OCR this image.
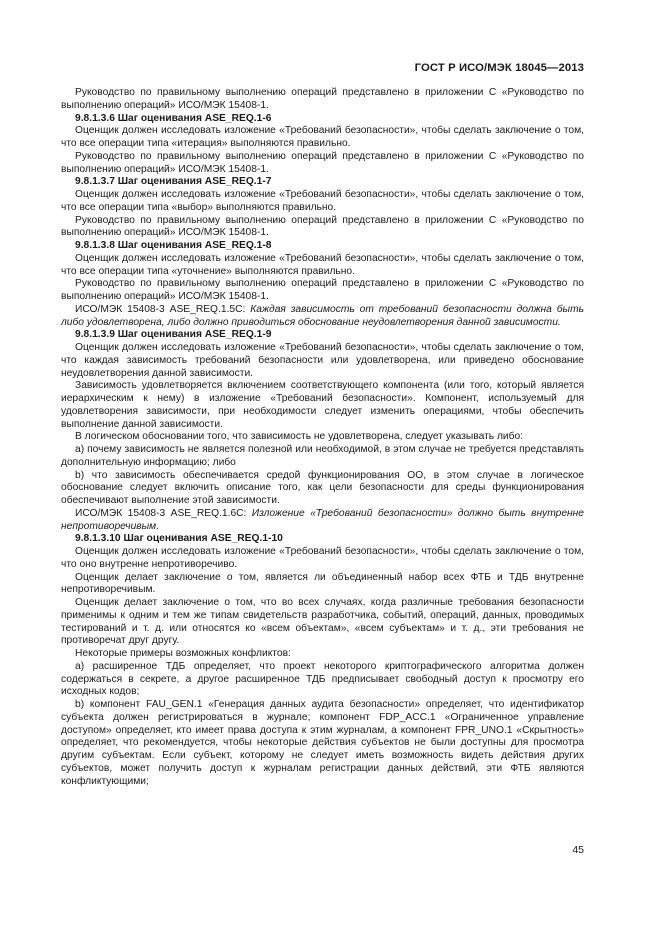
ГОСТ Р ИСО/МЭК 18045—2013

Руководство по правильному выполнению операций представлено в приложении С «Руководство по выполнению операций» ИСО/МЭК 15408-1.

9.8.1.3.6 Шаг оценивания ASE_REQ.1-6

Оценщик должен исследовать изложение «Требований безопасности», чтобы сделать заключение о том, что все операции типа «итерация» выполняются правильно.

Руководство по правильному выполнению операций представлено в приложении С «Руководство по выполнению операций» ИСО/МЭК 15408-1.

9.8.1.3.7 Шаг оценивания ASE_REQ.1-7

Оценщик должен исследовать изложение «Требований безопасности», чтобы сделать заключение о том, что все операции типа «выбор» выполняются правильно.

Руководство по правильному выполнению операций представлено в приложении С «Руководство по выполнению операций» ИСО/МЭК 15408-1.

9.8.1.3.8 Шаг оценивания ASE_REQ.1-8

Оценщик должен исследовать изложение «Требований безопасности», чтобы сделать заключение о том, что все операции типа «уточнение» выполняются правильно.

Руководство по правильному выполнению операций представлено в приложении С «Руководство по выполнению операций» ИСО/МЭК 15408-1.

ИСО/МЭК 15408-3 ASE_REQ.1.5C: Каждая зависимость от требований безопасности должна быть либо удовлетворена, либо должно приводиться обоснование неудовлетворения данной зависимости.

9.8.1.3.9 Шаг оценивания ASE_REQ.1-9

Оценщик должен исследовать изложение «Требований безопасности», чтобы сделать заключение о том, что каждая зависимость требований безопасности или удовлетворена, или приведено обоснование неудовлетворения данной зависимости.

Зависимость удовлетворяется включением соответствующего компонента (или того, который является иерархическим к нему) в изложение «Требований безопасности». Компонент, используемый для удовлетворения зависимости, при необходимости следует изменить операциями, чтобы обеспечить выполнение данной зависимости.

В логическом обосновании того, что зависимость не удовлетворена, следует указывать либо:

а) почему зависимость не является полезной или необходимой, в этом случае не требуется представлять дополнительную информацию; либо

b) что зависимость обеспечивается средой функционирования ОО, в этом случае в логическое обоснование следует включить описание того, как цели безопасности для среды функционирования обеспечивают выполнение этой зависимости.

ИСО/МЭК 15408-3 ASE_REQ.1.6C: Изложение «Требований безопасности» должно быть внутренне непротиворечивым.

9.8.1.3.10 Шаг оценивания ASE_REQ.1-10

Оценщик должен исследовать изложение «Требований безопасности», чтобы сделать заключение о том, что оно внутренне непротиворечиво.

Оценщик делает заключение о том, является ли объединенный набор всех ФТБ и ТДБ внутренне непротиворечивым.

Оценщик делает заключение о том, что во всех случаях, когда различные требования безопасности применимы к одним и тем же типам свидетельств разработчика, событий, операций, данных, проводимых тестирований и т. д. или относятся ко «всем объектам», «всем субъектам» и т. д., эти требования не противоречат друг другу.

Некоторые примеры возможных конфликтов:

а) расширенное ТДБ определяет, что проект некоторого криптографического алгоритма должен содержаться в секрете, а другое расширенное ТДБ предписывает свободный доступ к просмотру его исходных кодов;

b) компонент FAU_GEN.1 «Генерация данных аудита безопасности» определяет, что идентификатор субъекта должен регистрироваться в журнале; компонент FDP_ACC.1 «Ограниченное управление доступом» определяет, кто имеет права доступа к этим журналам, а компонент FPR_UNO.1 «Скрытность» определяет, что рекомендуется, чтобы некоторые действия субъектов не были доступны для просмотра другим субъектам. Если субъект, которому не следует иметь возможность видеть действия других субъектов, может получить доступ к журналам регистрации данных действий, эти ФТБ являются конфликтующими;

45
